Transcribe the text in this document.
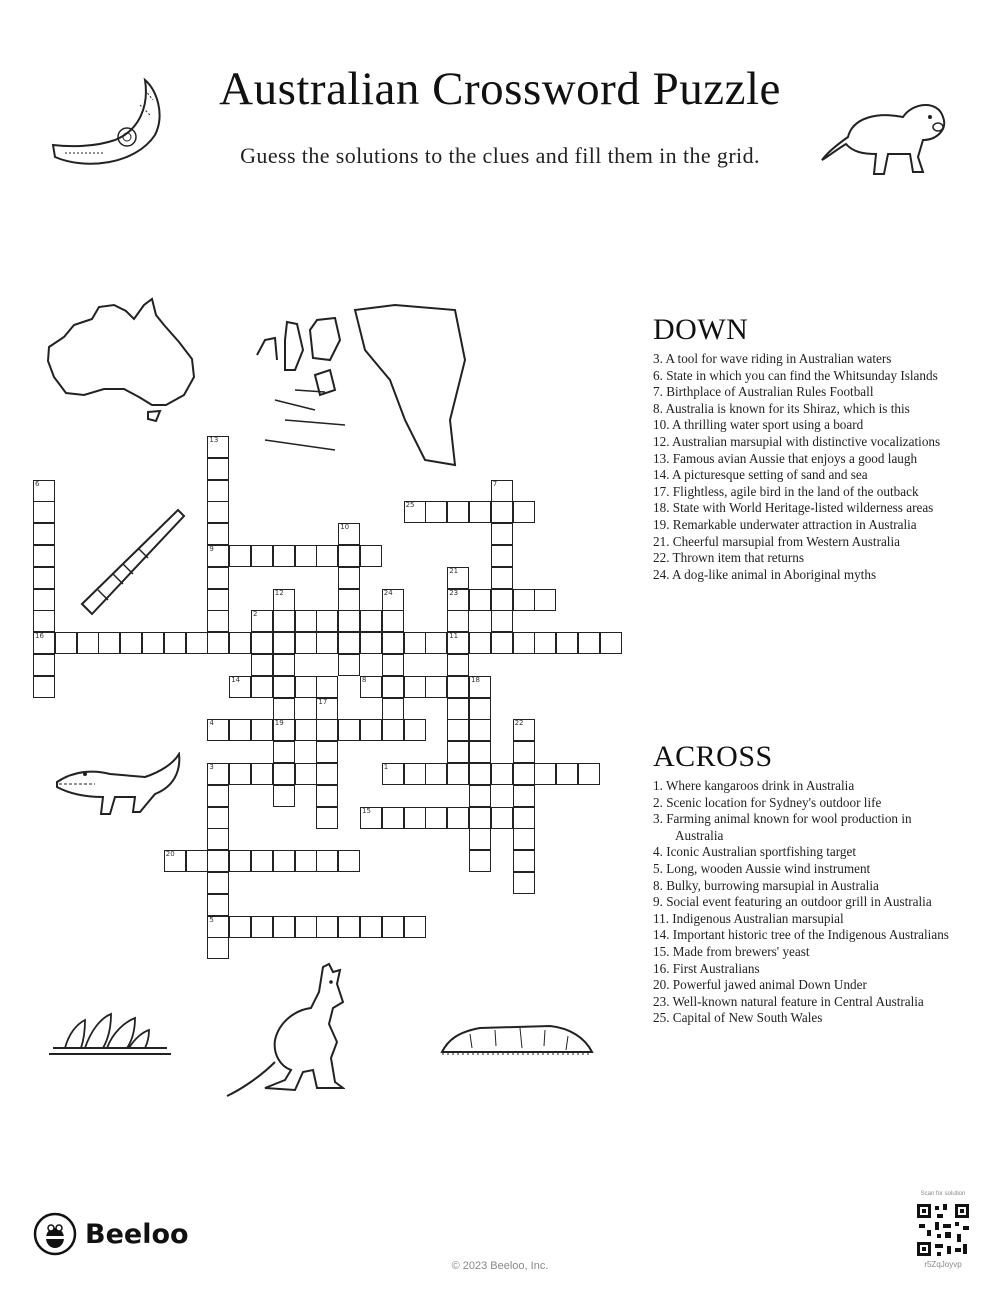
Australian Crossword Puzzle
Guess the solutions to the clues and fill them in the grid.
13
9
6
16
7
25
10
21
23
11
12
19
24
2
14	8	18
17
4	22
3
5
1
15
20
DOWN
3. A tool for wave riding in Australian waters
6. State in which you can find the Whitsunday Islands
7. Birthplace of Australian Rules Football
8. Australia is known for its Shiraz, which is this
10. A thrilling water sport using a board
12. Australian marsupial with distinctive vocalizations
13. Famous avian Aussie that enjoys a good laugh
14. A picturesque setting of sand and sea
17. Flightless, agile bird in the land of the outback
18. State with World Heritage-listed wilderness areas
19. Remarkable underwater attraction in Australia
21. Cheerful marsupial from Western Australia
22. Thrown item that returns
24. A dog-like animal in Aboriginal myths
ACROSS
1. Where kangaroos drink in Australia
2. Scenic location for Sydney's outdoor life
3. Farming animal known for wool production in Australia
4. Iconic Australian sportfishing target
5. Long, wooden Aussie wind instrument
8. Bulky, burrowing marsupial in Australia
9. Social event featuring an outdoor grill in Australia
11. Indigenous Australian marsupial
14. Important historic tree of the Indigenous Australians
15. Made from brewers' yeast
16. First Australians
20. Powerful jawed animal Down Under
23. Well-known natural feature in Central Australia
25. Capital of New South Wales
Beeloo
© 2023 Beeloo, Inc.
Scan for solution
r5ZqJoyvp
